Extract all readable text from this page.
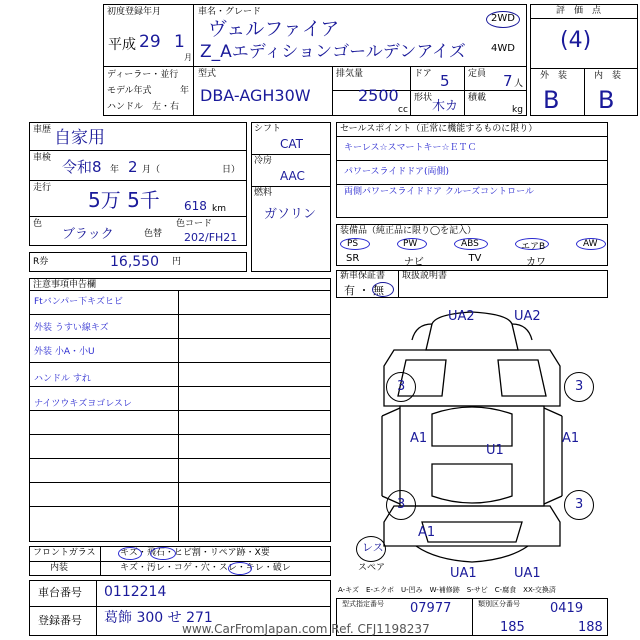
初度登録年月	車名・グレード
平成 29 1
月
ヴェルファイア
Z_Aエディションゴールデンアイズ
2WD
4WD
ディーラー・並行
モデル年式	年
ハンドル　左・右
型式
DBA-AGH30W
排気量
2500
cc
ドア 5
形状
木カ
定員 7 人
積載
kg
評　価　点
(4)
外　装	内　装
B B
車歴 自家用
車検 令和8 年 2 月（	日）
走行 5万 5千 618 km
色
ブラック	色替
色コード
202/FH21
R券	16,550 円
シフト
CAT
冷房
AAC
燃料
ガソリン
セールスポイント（正常に機能するものに限り）
キーレス☆スマートキー☆ＥＴＣ
パワースライドドア(両側)
両側パワースライドドア クルーズコントロール
装備品（純正品に限り◯を記入）
PS	PW	ABS	エアB	AW
SR	ナビ	TV	カワ
新車保証書
有 ・ 無
取扱説明書
注意事項申告欄
Ftバンパー下キズヒビ
外装 うすい線キズ
外装 小A・小U
ハンドル すれ
ナイツウキズヨゴレスレ
UA2	UA2
3	3
A1
U1
A1
3	3
A1
UA1	UA1
レス
スペア
A-キズ　E-エクボ　U-凹み　W-補修跡　S-サビ　C-腐食　XX-交換済
フロントガラス	キズ・飛石・ヒビ割・リペア跡・X要
内装	キズ・汚レ・コゲ・穴・スレ・キレ・破レ
車台番号 0112214
登録番号 葛飾 300 せ 271
型式指定番号 07977	類別区分番号 0419
185	188
www.CarFromJapan.com Ref. CFJ1198237
